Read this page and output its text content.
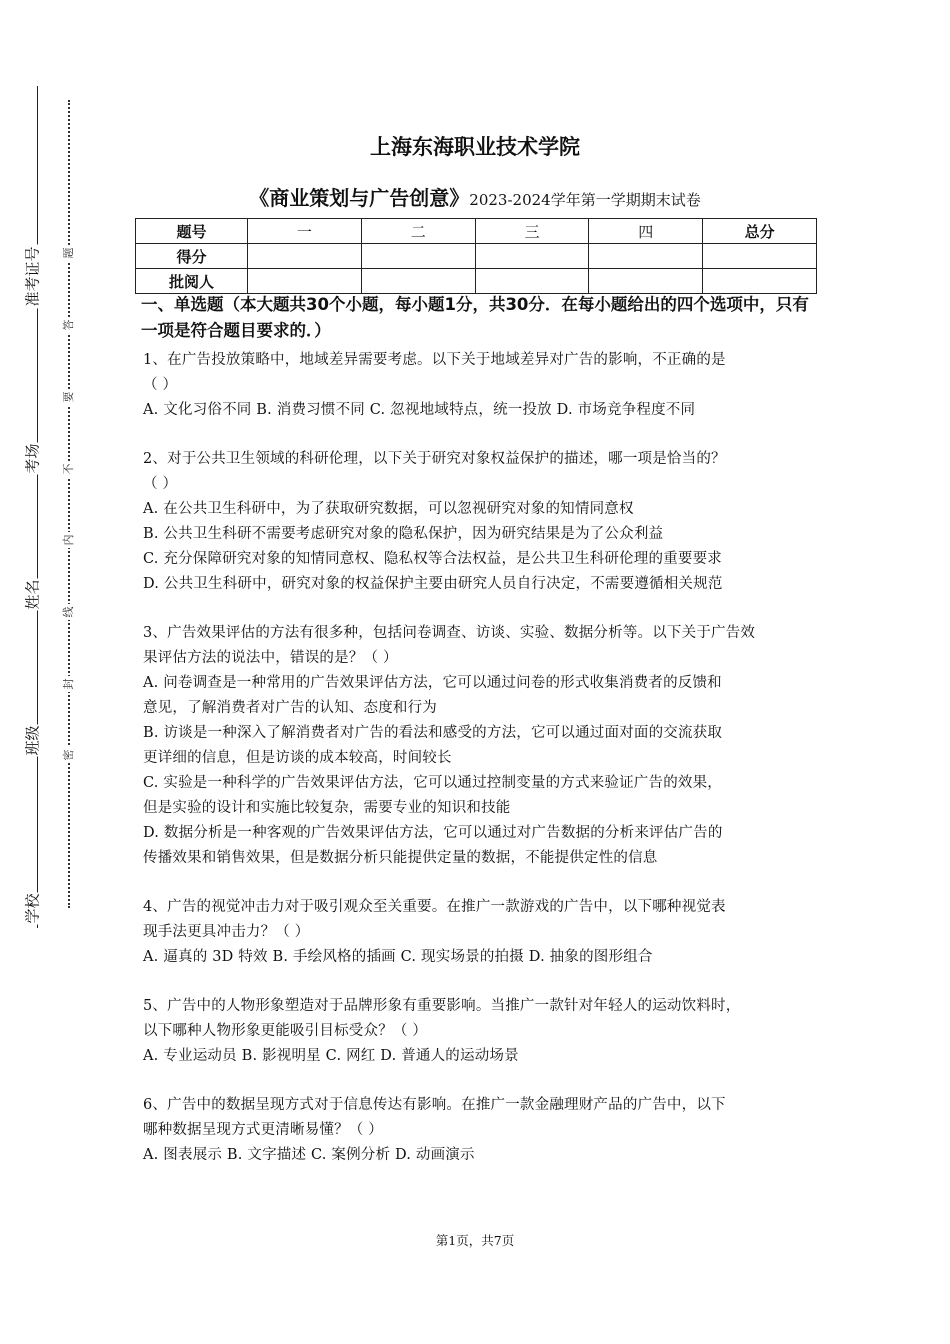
准考证号
考场
姓名
班级
学校
题
答
要
不
内
线
封
密
上海东海职业技术学院
《商业策划与广告创意》2023-2024学年第一学期期末试卷
题号	一	二	三	四	总分
得分					
批阅人					
一、单选题（本大题共30个小题，每小题1分，共30分．在每小题给出的四个选项中，只有一项是符合题目要求的．）

1、在广告投放策略中，地域差异需要考虑。以下关于地域差异对广告的影响，不正确的是

（ ）

A. 文化习俗不同 B. 消费习惯不同 C. 忽视地域特点，统一投放 D. 市场竞争程度不同

2、对于公共卫生领域的科研伦理，以下关于研究对象权益保护的描述，哪一项是恰当的？

（ ）

A. 在公共卫生科研中，为了获取研究数据，可以忽视研究对象的知情同意权

B. 公共卫生科研不需要考虑研究对象的隐私保护，因为研究结果是为了公众利益

C. 充分保障研究对象的知情同意权、隐私权等合法权益，是公共卫生科研伦理的重要要求

D. 公共卫生科研中，研究对象的权益保护主要由研究人员自行决定，不需要遵循相关规范

3、广告效果评估的方法有很多种，包括问卷调查、访谈、实验、数据分析等。以下关于广告效

果评估方法的说法中，错误的是？（ ）

A. 问卷调查是一种常用的广告效果评估方法，它可以通过问卷的形式收集消费者的反馈和

意见，了解消费者对广告的认知、态度和行为

B. 访谈是一种深入了解消费者对广告的看法和感受的方法，它可以通过面对面的交流获取

更详细的信息，但是访谈的成本较高，时间较长

C. 实验是一种科学的广告效果评估方法，它可以通过控制变量的方式来验证广告的效果，

但是实验的设计和实施比较复杂，需要专业的知识和技能

D. 数据分析是一种客观的广告效果评估方法，它可以通过对广告数据的分析来评估广告的

传播效果和销售效果，但是数据分析只能提供定量的数据，不能提供定性的信息

4、广告的视觉冲击力对于吸引观众至关重要。在推广一款游戏的广告中，以下哪种视觉表

现手法更具冲击力？（ ）

A. 逼真的 3D 特效 B. 手绘风格的插画 C. 现实场景的拍摄 D. 抽象的图形组合

5、广告中的人物形象塑造对于品牌形象有重要影响。当推广一款针对年轻人的运动饮料时，

以下哪种人物形象更能吸引目标受众？（ ）

A. 专业运动员 B. 影视明星 C. 网红 D. 普通人的运动场景

6、广告中的数据呈现方式对于信息传达有影响。在推广一款金融理财产品的广告中，以下

哪种数据呈现方式更清晰易懂？（ ）

A. 图表展示 B. 文字描述 C. 案例分析 D. 动画演示

第1页，共7页
